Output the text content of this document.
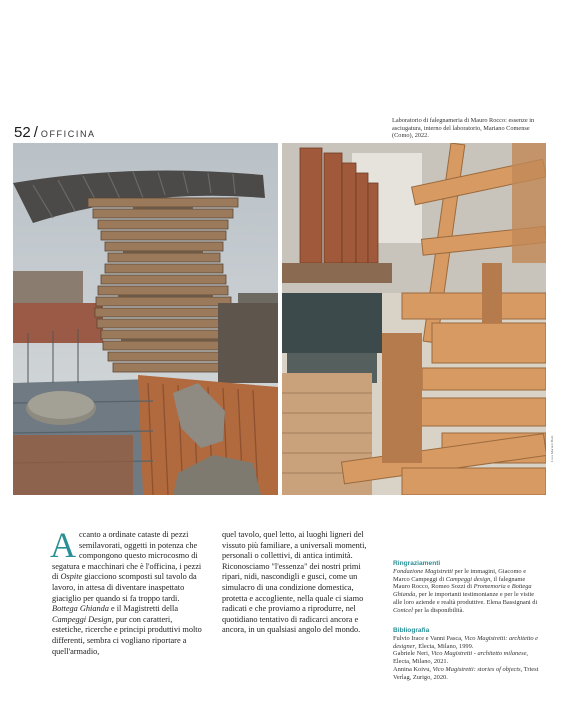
52 / OFFICINA
Laboratorio di falegnameria di Mauro Rocco: essenze in asciugatura, interno del laboratorio, Mariano Comense (Como), 2022.
Luca Mariani Bain
A ccanto a ordinate cataste di pezzi semilavorati, oggetti in potenza che compongono questo microcosmo di segatura e macchinari che è l'officina, i pezzi di Ospite giacciono scomposti sul tavolo da lavoro, in attesa di diventare inaspettato giaciglio per quando si fa troppo tardi. Bottega Ghianda e il Magistretti della Campeggi Design, pur con caratteri, estetiche, ricerche e principi produttivi molto differenti, sembra ci vogliano riportare a quell'armadio,

quel tavolo, quel letto, ai luoghi ligneri del vissuto più familiare, a universali momenti, personali o collettivi, di antica intimità. Riconosciamo "l'essenza" dei nostri primi ripari, nidi, nascondigli e gusci, come un simulacro di una condizione domestica, protetta e accogliente, nella quale ci siamo radicati e che proviamo a riprodurre, nel quotidiano tentativo di radicarci ancora e ancora, in un qualsiasi angolo del mondo.

Ringraziamenti

Fondazione Magistretti per le immagini, Giacomo e Marco Campeggi di Campeggi design, il falegname Mauro Rocco, Romeo Sozzi di Promemoria e Bottega Ghianda, per le importanti testimonianze e per le visite alle loro aziende e realtà produttive. Elena Bassignani di Conicel per la disponibilità.

Bibliografia

Fulvio Irace e Vanni Pasca, Vico Magistretti: architetto e designer, Electa, Milano, 1999.

Gabriele Neri, Vico Magistretti - architetto milanese, Electa, Milano, 2021.

Annina Koivu, Vico Magistretti: stories of objects, Triest Verlag, Zurigo, 2020.
